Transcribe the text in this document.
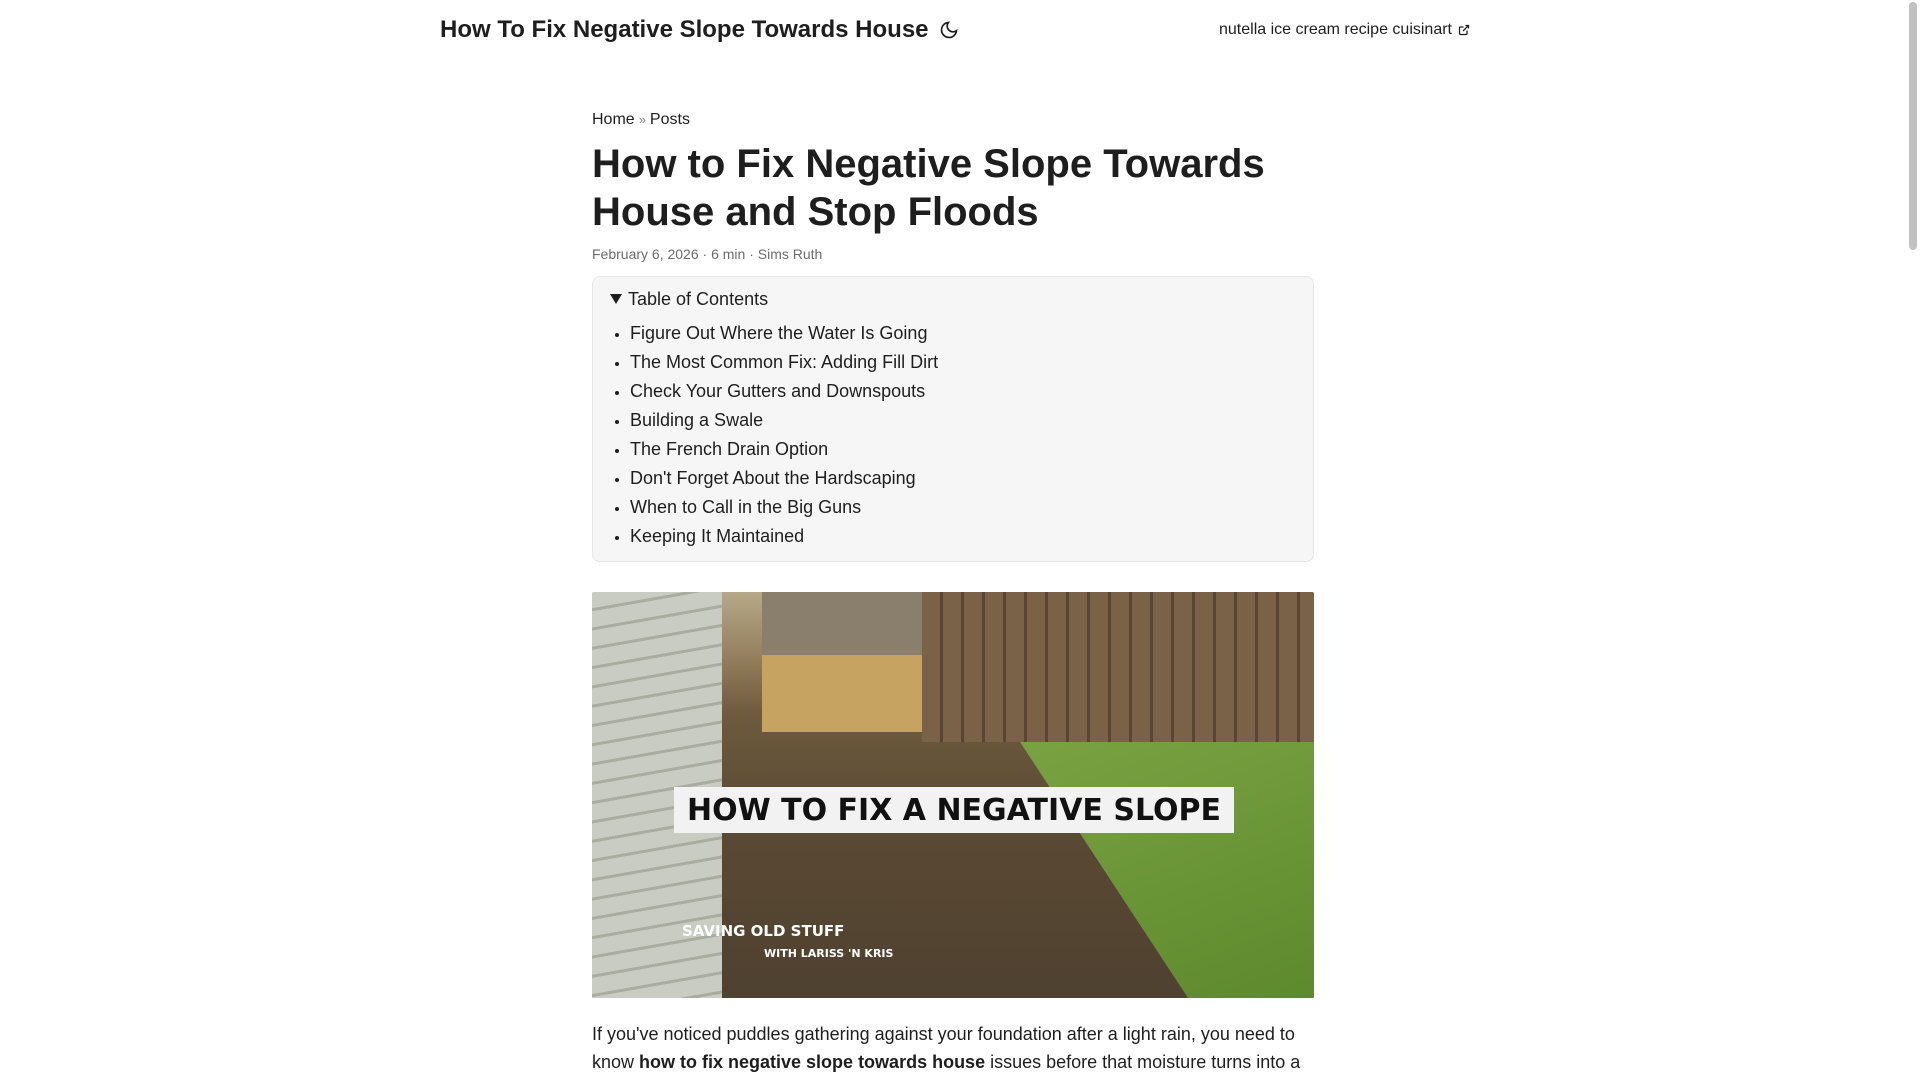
How To Fix Negative Slope Towards House	nutella ice cream recipe cuisinart
Home » Posts
How to Fix Negative Slope Towards House and Stop Floods
February 6, 2026 · 6 min · Sims Ruth
Table of Contents
• Figure Out Where the Water Is Going
• The Most Common Fix: Adding Fill Dirt
• Check Your Gutters and Downspouts
• Building a Swale
• The French Drain Option
• Don't Forget About the Hardscaping
• When to Call in the Big Guns
• Keeping It Maintained
HOW TO FIX A NEGATIVE SLOPE
SAVING OLD STUFF
WITH LARISS 'N KRIS

If you've noticed puddles gathering against your foundation after a light rain, you need to know how to fix negative slope towards house issues before that moisture turns into a
